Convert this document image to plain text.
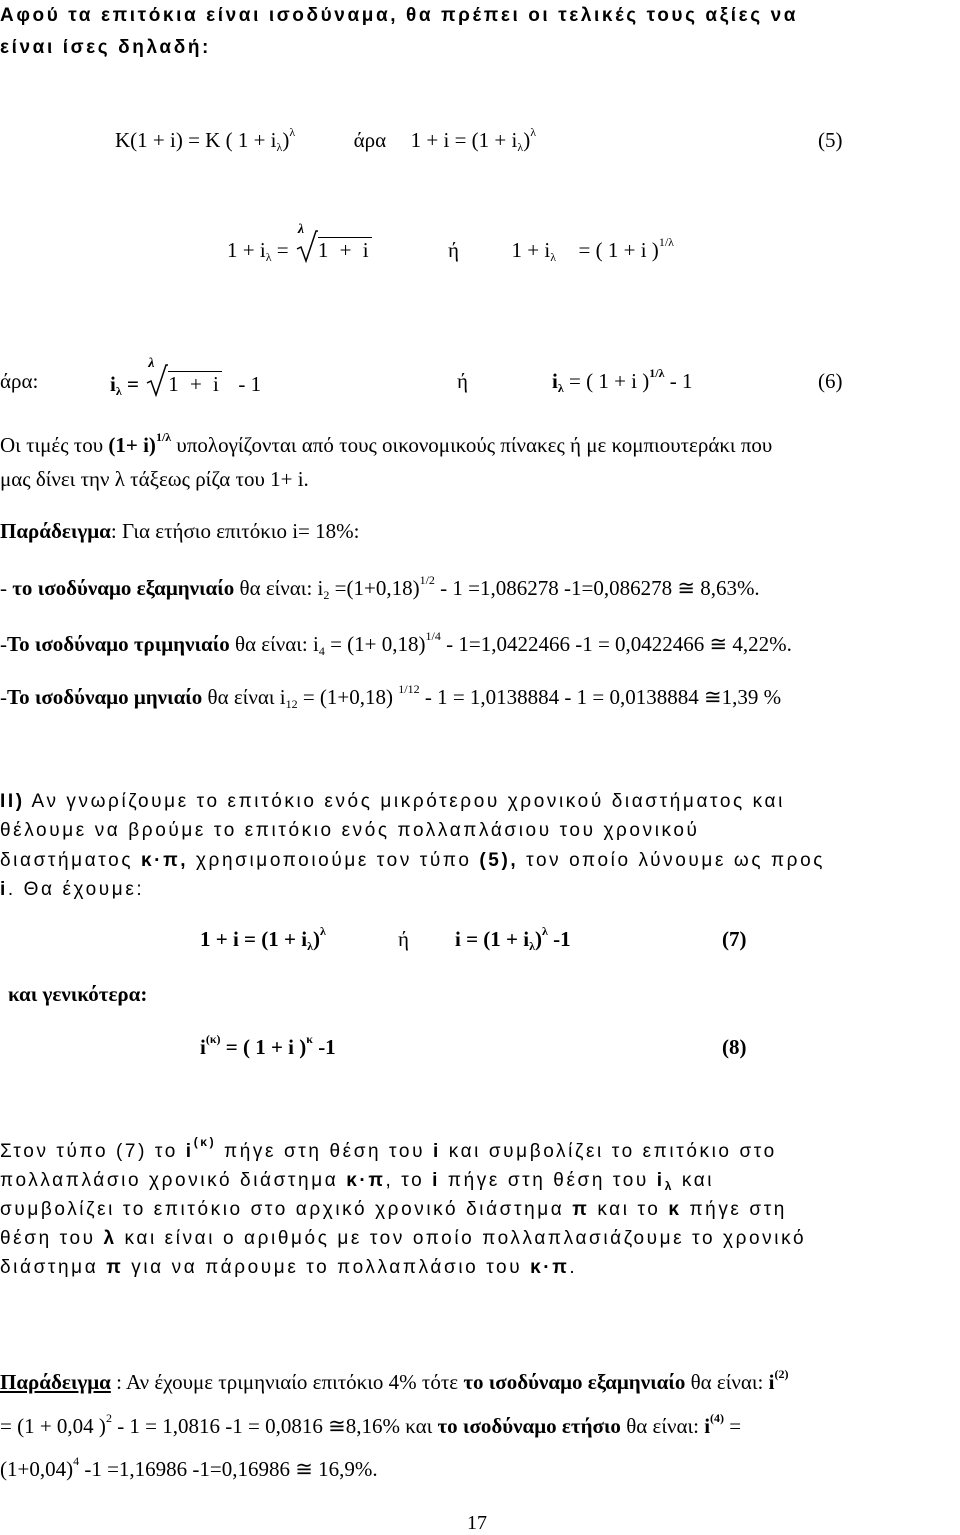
Αφού τα επιτόκια είναι ισοδύναμα, θα πρέπει οι τελικές τους αξίες να
είναι ίσες δηλαδή:
Κ(1 + i) = Κ ( $1 + i_\lambda)^\lambda$	άρα $1 + i = (1 + i_\lambda)^\lambda$	(5)
$1 + i_\lambda$ =
λ
1 + i	ή	$1 + i_\lambda$  = ( 1 + i )$^{1/\lambda}$
άρα:	$i_\lambda$ =
λ
1 + i - 1	ή	$i_\lambda$ = ( 1 + i )$^{1/\lambda}$ - 1	(6)
Οι τιμές του $(1+ i)^{1/\lambda}$ υπολογίζονται από τους οικονομικούς πίνακες ή με κομπιουτεράκι που
μας δίνει την λ τάξεως ρίζα του 1+ i.
Παράδειγμα: Για ετήσιο επιτόκιο i= 18%:
- το ισοδύναμο εξαμηνιαίο θα είναι: $i_2 =(1+0,18)^{1/2} - 1 =1,086278$ -1=0,086278 ≅ 8,63%.
-Το ισοδύναμο τριμηνιαίο θα είναι: $i_4 = (1+ 0,18)^{1/4} - 1=1,0422466$ -1 = 0,0422466 ≅ 4,22%.
-Το ισοδύναμο μηνιαίο θα είναι $i_{12} = (1+0,18)$ $^{1/12}$ - 1 = 1,0138884 - 1 = 0,0138884 ≅1,39 %
ΙΙ) Αν γνωρίζουμε το επιτόκιο ενός μικρότερου χρονικού διαστήματος και
θέλουμε να βρούμε το επιτόκιο ενός πολλαπλάσιου του χρονικού
διαστήματος κ·π, χρησιμοποιούμε τον τύπο (5), τον οποίο λύνουμε ως προς
i. Θα έχουμε:
$1 + i = (1 + i_\lambda)^\lambda$	ή $i = (1 + i_\lambda)^\lambda$ -1	(7)
και γενικότερα:
$i^{(\kappa)}$ = ( 1 + i )$^\kappa$ -1	(8)
Στον τύπο (7) το $i^{(\kappa)}$ πήγε στη θέση του i και συμβολίζει το επιτόκιο στο
πολλαπλάσιο χρονικό διάστημα κ·π, το i πήγε στη θέση του $i_\lambda$ και
συμβολίζει το επιτόκιο στο αρχικό χρονικό διάστημα π και το κ πήγε στη
θέση του λ και είναι ο αριθμός με τον οποίο πολλαπλασιάζουμε το χρονικό
διάστημα π για να πάρουμε το πολλαπλάσιο του κ·π.
Παράδειγμα : Αν έχουμε τριμηνιαίο επιτόκιο 4% τότε το ισοδύναμο εξαμηνιαίο θα είναι: $i^{(2)}$
= (1 + 0,04 )$^2$ - 1 = 1,0816 -1 = 0,0816 ≅8,16% και το ισοδύναμο ετήσιο θα είναι: $i^{(4)}$ =
$(1+0,04)^4$ -1 =1,16986 -1=0,16986 ≅ 16,9%.
17
